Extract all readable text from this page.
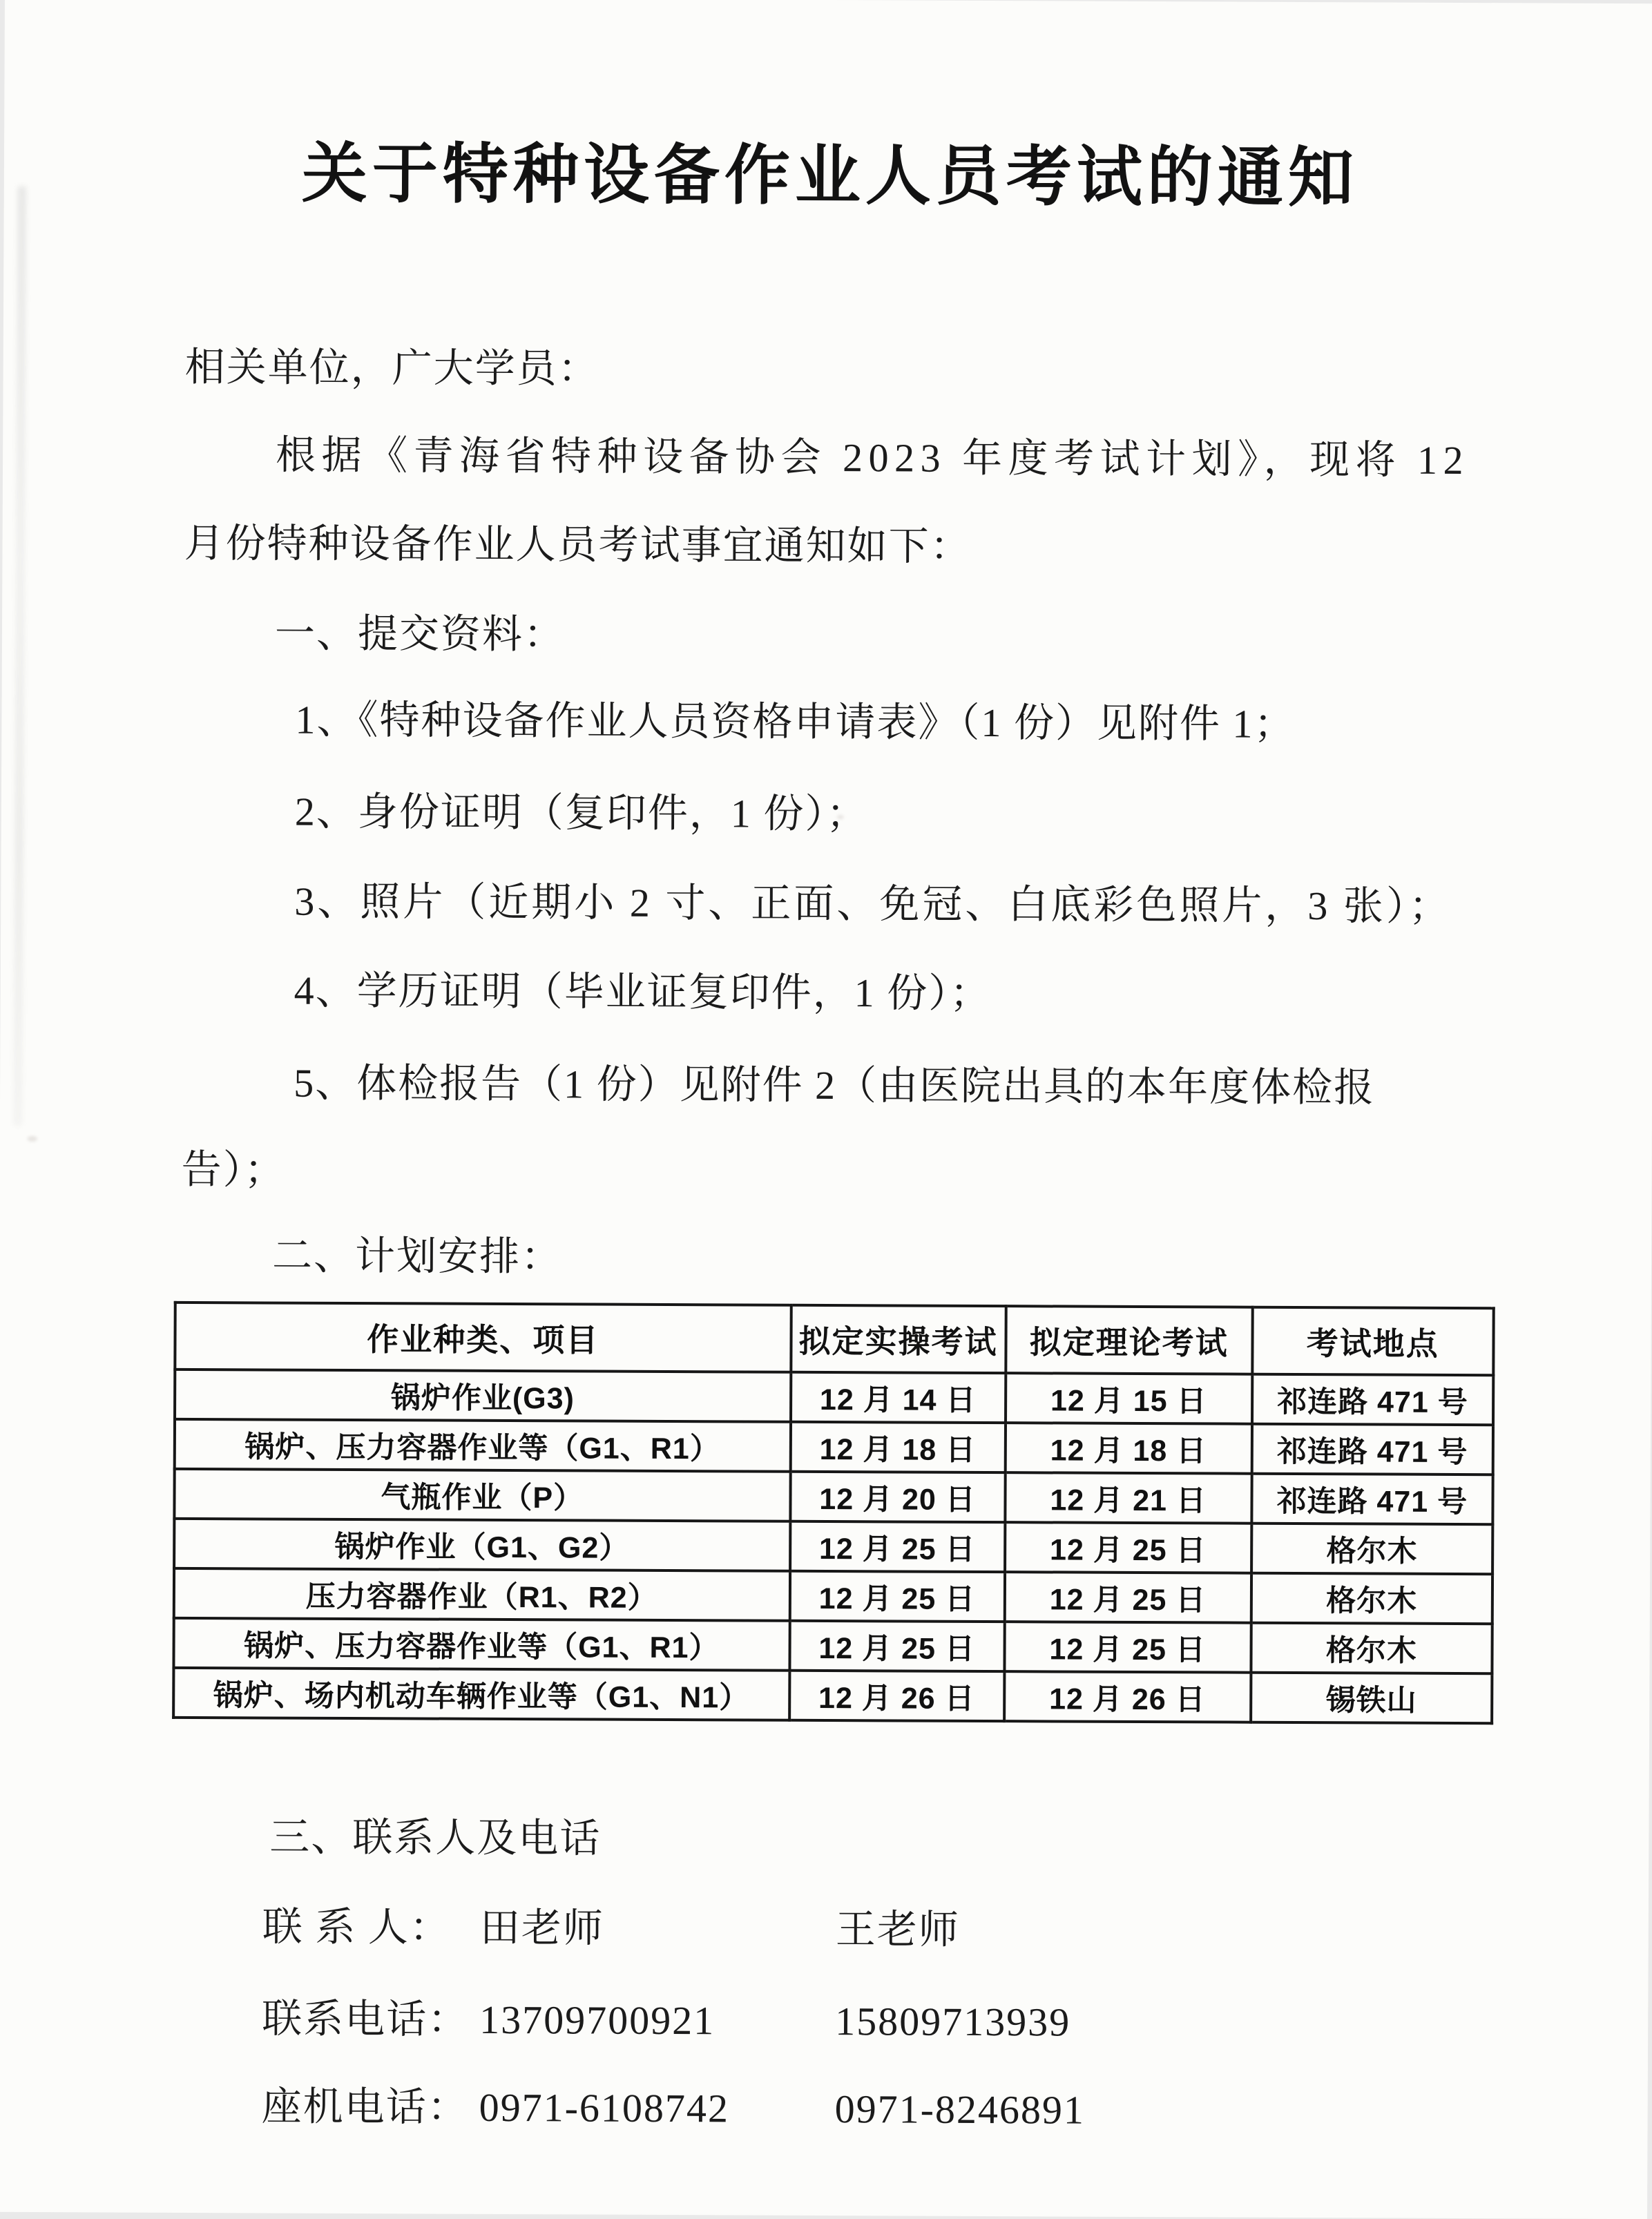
关于特种设备作业人员考试的通知
相关单位，广大学员：
根据《青海省特种设备协会 2023 年度考试计划》，现将 12
月份特种设备作业人员考试事宜通知如下：
一、提交资料：
1、《特种设备作业人员资格申请表》（1 份）见附件 1；
2、身份证明（复印件，1 份）；
3、照片（近期小 2 寸、正面、免冠、白底彩色照片，3 张）；
4、学历证明（毕业证复印件，1 份）；
5、体检报告（1 份）见附件 2（由医院出具的本年度体检报
告）；
二、计划安排：
作业种类、项目	拟定实操考试	拟定理论考试	考试地点
锅炉作业(G3)	12 月 14 日	12 月 15 日	祁连路 471 号
锅炉、压力容器作业等（G1、R1）	12 月 18 日	12 月 18 日	祁连路 471 号
气瓶作业（P）	12 月 20 日	12 月 21 日	祁连路 471 号
锅炉作业（G1、G2）	12 月 25 日	12 月 25 日	格尔木
压力容器作业（R1、R2）	12 月 25 日	12 月 25 日	格尔木
锅炉、压力容器作业等（G1、R1）	12 月 25 日	12 月 25 日	格尔木
锅炉、场内机动车辆作业等（G1、N1）	12 月 26 日	12 月 26 日	锡铁山
三、联系人及电话
联 系 人： 田老师	王老师
联系电话： 13709700921	15809713939
座机电话： 0971-6108742	0971-8246891
